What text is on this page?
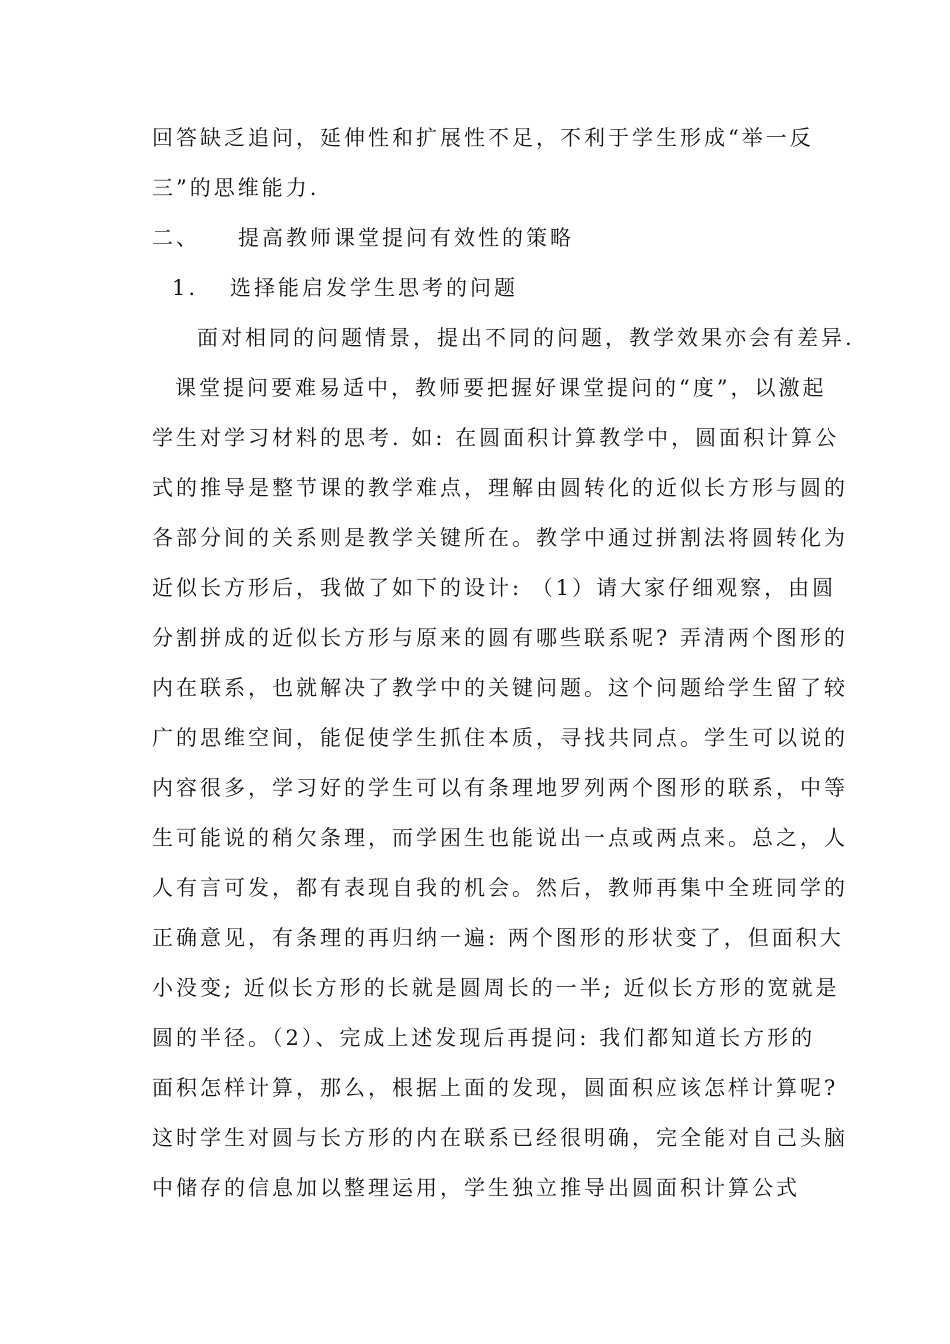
回答缺乏追问，延伸性和扩展性不足，不利于学生形成“举一反
三”的思维能力.
二、 提高教师课堂提问有效性的策略
1. 选择能启发学生思考的问题
面对相同的问题情景，提出不同的问题，教学效果亦会有差异.
课堂提问要难易适中，教师要把握好课堂提问的“度”，以激起
学生对学习材料的思考. 如: 在圆面积计算教学中，圆面积计算公
式的推导是整节课的教学难点，理解由圆转化的近似长方形与圆的
各部分间的关系则是教学关键所在。教学中通过拼割法将圆转化为
近似长方形后，我做了如下的设计: （1）请大家仔细观察，由圆
分割拼成的近似长方形与原来的圆有哪些联系呢? 弄清两个图形的
内在联系，也就解决了教学中的关键问题。这个问题给学生留了较
广的思维空间，能促使学生抓住本质，寻找共同点。学生可以说的
内容很多，学习好的学生可以有条理地罗列两个图形的联系，中等
生可能说的稍欠条理，而学困生也能说出一点或两点来。总之，人
人有言可发，都有表现自我的机会。然后，教师再集中全班同学的
正确意见，有条理的再归纳一遍: 两个图形的形状变了，但面积大
小没变; 近似长方形的长就是圆周长的一半; 近似长方形的宽就是
圆的半径。（2）、完成上述发现后再提问: 我们都知道长方形的
面积怎样计算，那么，根据上面的发现，圆面积应该怎样计算呢?
这时学生对圆与长方形的内在联系已经很明确，完全能对自己头脑
中储存的信息加以整理运用，学生独立推导出圆面积计算公式
